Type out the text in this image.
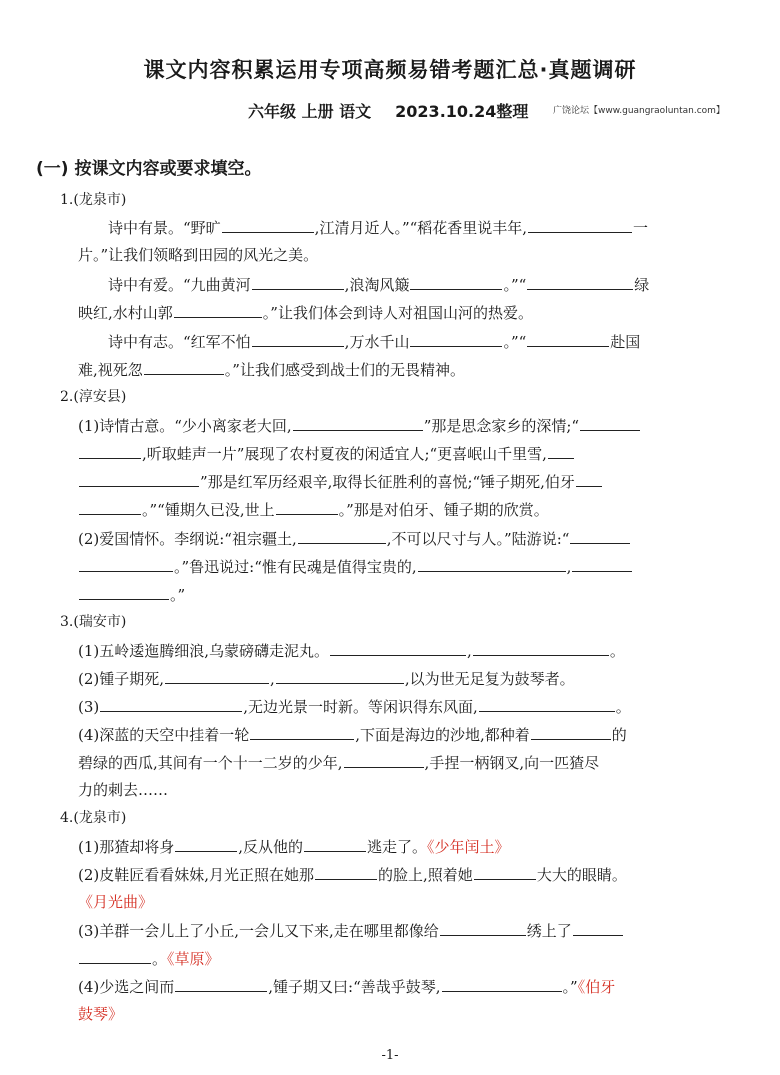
课文内容积累运用专项高频易错考题汇总·真题调研
六年级 上册 语文 2023.10.24整理	广饶论坛【www.guangraoluntan.com】
(一) 按课文内容或要求填空。
1.(龙泉市)
诗中有景。“野旷	,江清月近人。”“稻花香里说丰年,	一
片。”让我们领略到田园的风光之美。
诗中有爱。“九曲黄河	,浪淘风簸	。”“	绿
映红,水村山郭	。”让我们体会到诗人对祖国山河的热爱。
诗中有志。“红军不怕	,万水千山	。”“	赴国
难,视死忽	。”让我们感受到战士们的无畏精神。
2.(淳安县)
(1)诗情古意。“少小离家老大回,	”那是思念家乡的深情;“
,听取蛙声一片”展现了农村夏夜的闲适宜人;“更喜岷山千里雪,
”那是红军历经艰辛,取得长征胜利的喜悦;“锤子期死,伯牙
。”“锺期久已没,世上	。”那是对伯牙、锺子期的欣赏。
(2)爱国情怀。李纲说:“祖宗疆土,	,不可以尺寸与人。”陆游说:“
。”鲁迅说过:“惟有民魂是值得宝贵的,	,
。”
3.(瑞安市)
(1)五岭逶迤腾细浪,乌蒙磅礴走泥丸。	,	。
(2)锺子期死,	,	,以为世无足复为鼓琴者。
(3)	,无边光景一时新。等闲识得东风面,	。
(4)深蓝的天空中挂着一轮	,下面是海边的沙地,都种着	的
碧绿的西瓜,其间有一个十一二岁的少年,	,手捏一柄钢叉,向一匹猹尽
力的刺去……
4.(龙泉市)
(1)那猹却将身	,反从他的	逃走了。《少年闰土》
(2)皮鞋匠看看妹妹,月光正照在她那	的脸上,照着她	大大的眼睛。
《月光曲》
(3)羊群一会儿上了小丘,一会儿又下来,走在哪里都像给	绣上了
。《草原》
(4)少选之间而	,锺子期又曰:“善哉乎鼓琴,	。”《伯牙
鼓琴》
-1-
